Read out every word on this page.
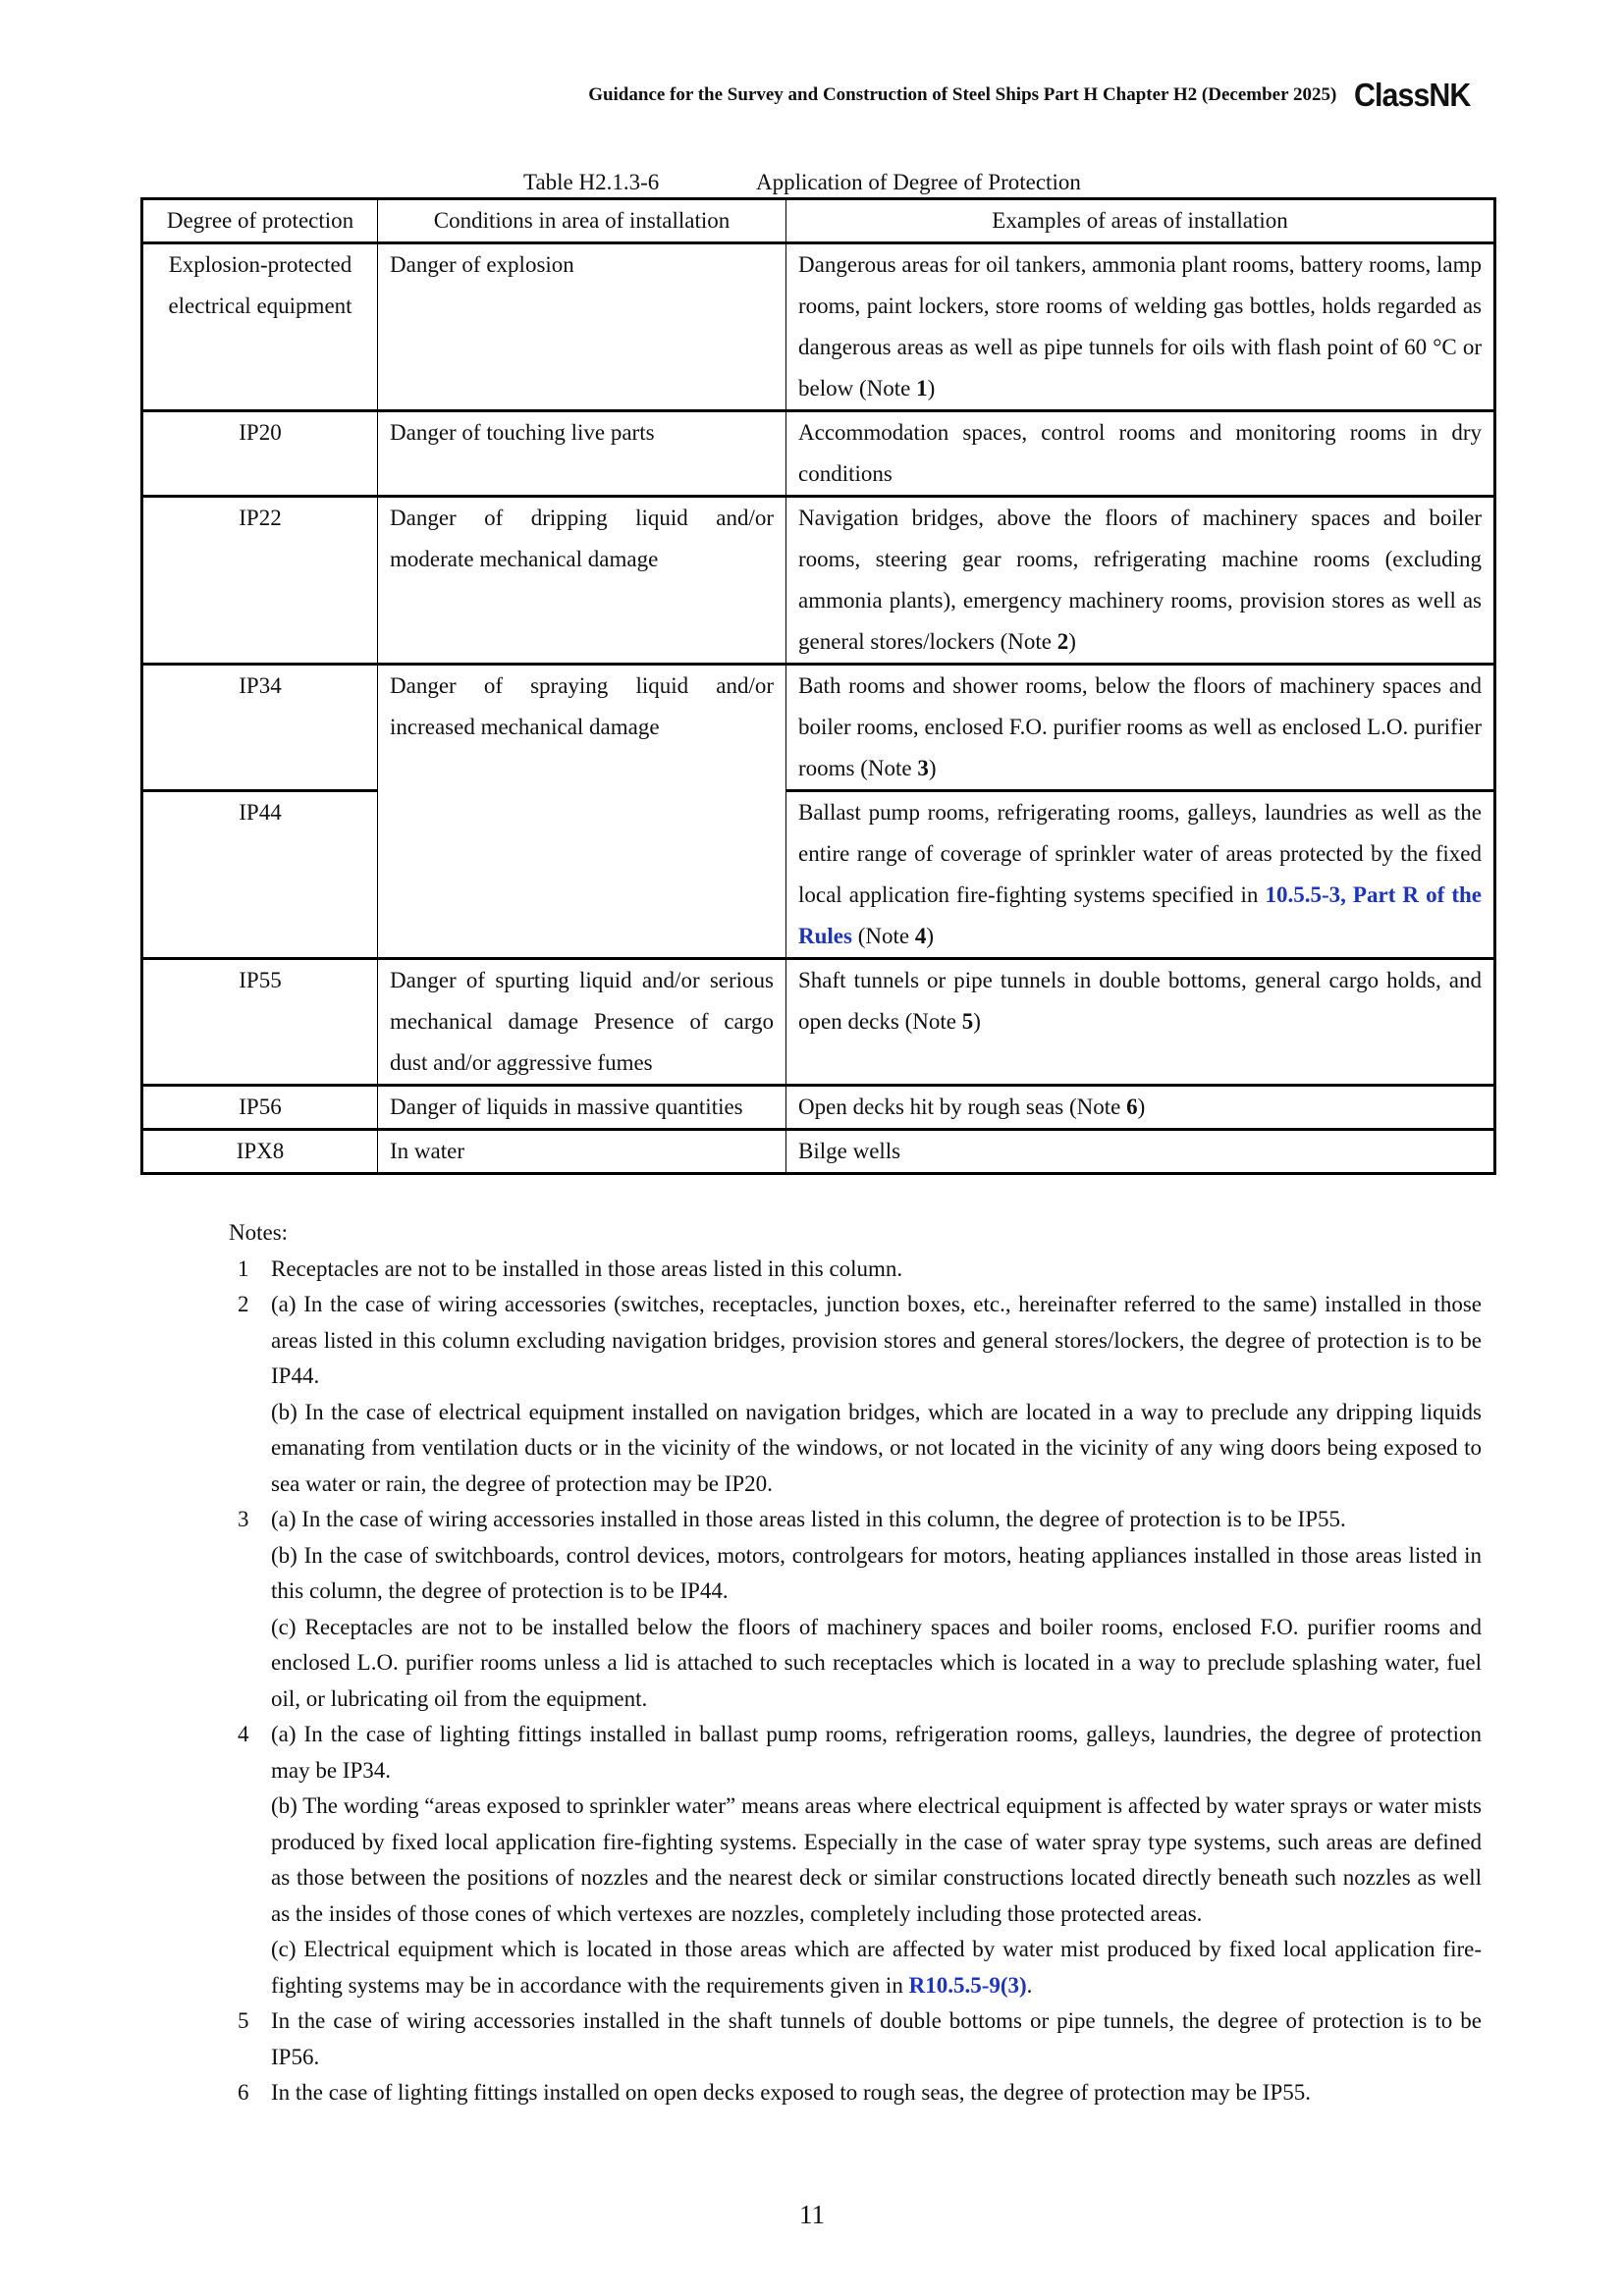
Guidance for the Survey and Construction of Steel Ships Part H Chapter H2 (December 2025) ClassNK
Table H2.1.3-6	Application of Degree of Protection
Degree of protection	Conditions in area of installation	Examples of areas of installation
Explosion-protected electrical equipment	Danger of explosion	Dangerous areas for oil tankers, ammonia plant rooms, battery rooms, lamp rooms, paint lockers, store rooms of welding gas bottles, holds regarded as dangerous areas as well as pipe tunnels for oils with flash point of 60 °C or below (Note 1)
IP20	Danger of touching live parts	Accommodation spaces, control rooms and monitoring rooms in dry conditions
IP22	Danger of dripping liquid and/or moderate mechanical damage	Navigation bridges, above the floors of machinery spaces and boiler rooms, steering gear rooms, refrigerating machine rooms (excluding ammonia plants), emergency machinery rooms, provision stores as well as general stores/lockers (Note 2)
IP34	Danger of spraying liquid and/or increased mechanical damage	Bath rooms and shower rooms, below the floors of machinery spaces and boiler rooms, enclosed F.O. purifier rooms as well as enclosed L.O. purifier rooms (Note 3)
IP44		Ballast pump rooms, refrigerating rooms, galleys, laundries as well as the entire range of coverage of sprinkler water of areas protected by the fixed local application fire-fighting systems specified in 10.5.5-3, Part R of the Rules (Note 4)
IP55	Danger of spurting liquid and/or serious mechanical damage Presence of cargo dust and/or aggressive fumes	Shaft tunnels or pipe tunnels in double bottoms, general cargo holds, and open decks (Note 5)
IP56	Danger of liquids in massive quantities	Open decks hit by rough seas (Note 6)
IPX8	In water	Bilge wells
Notes:
1 Receptacles are not to be installed in those areas listed in this column.
2 (a) In the case of wiring accessories (switches, receptacles, junction boxes, etc., hereinafter referred to the same) installed in those areas listed in this column excluding navigation bridges, provision stores and general stores/lockers, the degree of protection is to be IP44.
(b) In the case of electrical equipment installed on navigation bridges, which are located in a way to preclude any dripping liquids emanating from ventilation ducts or in the vicinity of the windows, or not located in the vicinity of any wing doors being exposed to sea water or rain, the degree of protection may be IP20.
3 (a) In the case of wiring accessories installed in those areas listed in this column, the degree of protection is to be IP55.
(b) In the case of switchboards, control devices, motors, controlgears for motors, heating appliances installed in those areas listed in this column, the degree of protection is to be IP44.
(c) Receptacles are not to be installed below the floors of machinery spaces and boiler rooms, enclosed F.O. purifier rooms and enclosed L.O. purifier rooms unless a lid is attached to such receptacles which is located in a way to preclude splashing water, fuel oil, or lubricating oil from the equipment.
4 (a) In the case of lighting fittings installed in ballast pump rooms, refrigeration rooms, galleys, laundries, the degree of protection may be IP34.
(b) The wording “areas exposed to sprinkler water” means areas where electrical equipment is affected by water sprays or water mists produced by fixed local application fire-fighting systems. Especially in the case of water spray type systems, such areas are defined as those between the positions of nozzles and the nearest deck or similar constructions located directly beneath such nozzles as well as the insides of those cones of which vertexes are nozzles, completely including those protected areas.
(c) Electrical equipment which is located in those areas which are affected by water mist produced by fixed local application fire-fighting systems may be in accordance with the requirements given in R10.5.5-9(3).
5 In the case of wiring accessories installed in the shaft tunnels of double bottoms or pipe tunnels, the degree of protection is to be IP56.
6 In the case of lighting fittings installed on open decks exposed to rough seas, the degree of protection may be IP55.
11
